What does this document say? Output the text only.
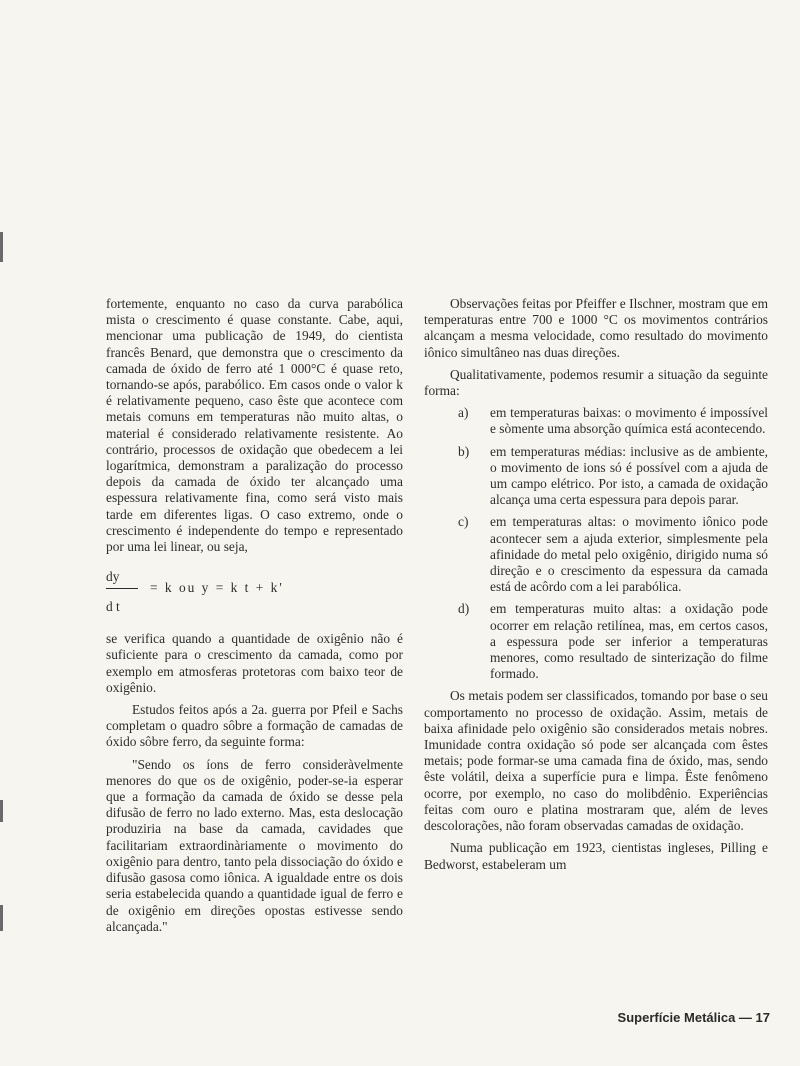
fortemente, enquanto no caso da curva parabólica mista o crescimento é quase constante. Cabe, aqui, mencionar uma publicação de 1949, do cientista francês Benard, que demonstra que o crescimento da camada de óxido de ferro até 1 000°C é quase reto, tornando-se após, parabólico. Em casos onde o valor k é relativamente pequeno, caso êste que acontece com metais comuns em temperaturas não muito altas, o material é considerado relativamente resistente. Ao contrário, processos de oxidação que obedecem a lei logarítmica, demonstram a paralização do processo depois da camada de óxido ter alcançado uma espessura relativamente fina, como será visto mais tarde em diferentes ligas. O caso extremo, onde o crescimento é independente do tempo e representado por uma lei linear, ou seja,

dy
d t
= k ou y = k t + k'

se verifica quando a quantidade de oxigênio não é suficiente para o crescimento da camada, como por exemplo em atmosferas protetoras com baixo teor de oxigênio.

Estudos feitos após a 2a. guerra por Pfeil e Sachs completam o quadro sôbre a formação de camadas de óxido sôbre ferro, da seguinte forma:

"Sendo os íons de ferro consideràvelmente menores do que os de oxigênio, poder-se-ia esperar que a formação da camada de óxido se desse pela difusão de ferro no lado externo. Mas, esta deslocação produziria na base da camada, cavidades que facilitariam extraordinàriamente o movimento do oxigênio para dentro, tanto pela dissociação do óxido e difusão gasosa como iônica. A igualdade entre os dois seria estabelecida quando a quantidade igual de ferro e de oxigênio em direções opostas estivesse sendo alcançada."

Observações feitas por Pfeiffer e Ilschner, mostram que em temperaturas entre 700 e 1000 °C os movimentos contrários alcançam a mesma velocidade, como resultado do movimento iônico simultâneo nas duas direções.

Qualitativamente, podemos resumir a situação da seguinte forma:

a) em temperaturas baixas: o movimento é impossível e sòmente uma absorção química está acontecendo.
b) em temperaturas médias: inclusive as de ambiente, o movimento de ions só é possível com a ajuda de um campo elétrico. Por isto, a camada de oxidação alcança uma certa espessura para depois parar.
c) em temperaturas altas: o movimento iônico pode acontecer sem a ajuda exterior, simplesmente pela afinidade do metal pelo oxigênio, dirigido numa só direção e o crescimento da espessura da camada está de acôrdo com a lei parabólica.
d) em temperaturas muito altas: a oxidação pode ocorrer em relação retilínea, mas, em certos casos, a espessura pode ser inferior a temperaturas menores, como resultado de sinterização do filme formado.

Os metais podem ser classificados, tomando por base o seu comportamento no processo de oxidação. Assim, metais de baixa afinidade pelo oxigênio são considerados metais nobres. Imunidade contra oxidação só pode ser alcançada com êstes metais; pode formar-se uma camada fina de óxido, mas, sendo êste volátil, deixa a superfície pura e limpa. Êste fenômeno ocorre, por exemplo, no caso do molibdênio. Experiências feitas com ouro e platina mostraram que, além de leves descolorações, não foram observadas camadas de oxidação.

Numa publicação em 1923, cientistas ingleses, Pilling e Bedworst, estabeleram um

Superfície Metálica — 17
